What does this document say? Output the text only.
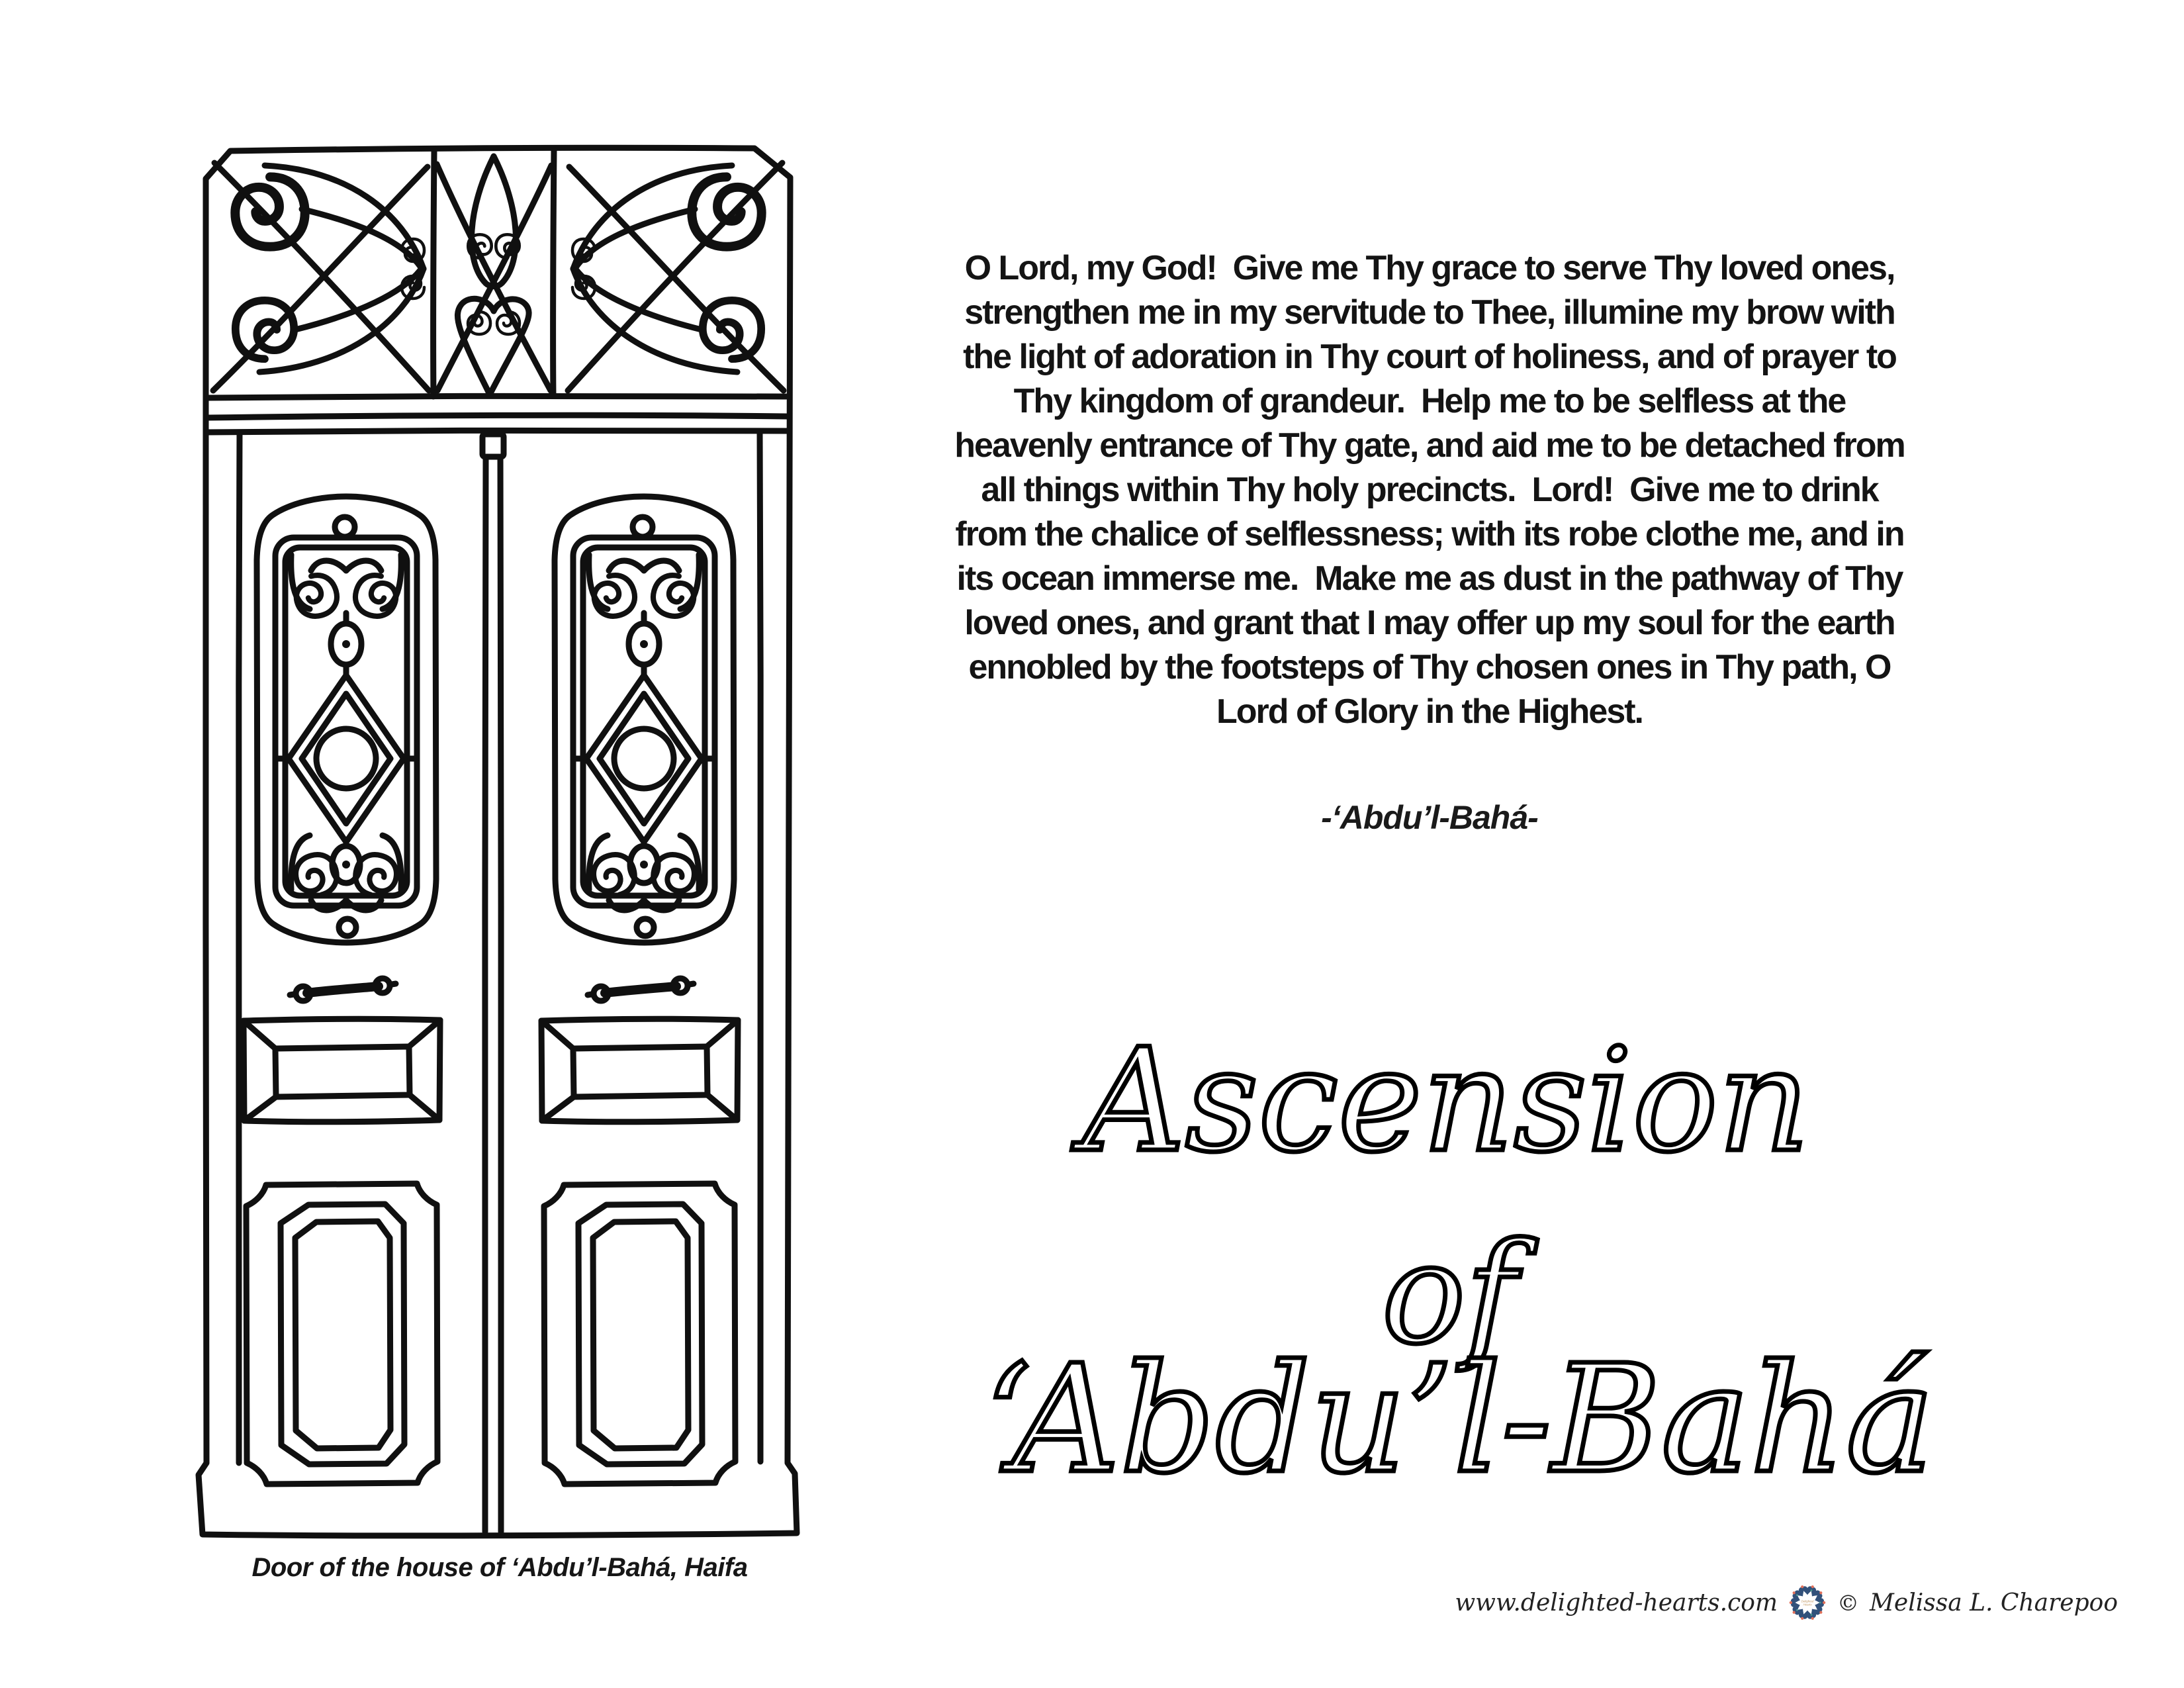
Door of the house of ‘Abdu’l-Bahá, Haifa
O Lord, my God!  Give me Thy grace to serve Thy loved ones,
strengthen me in my servitude to Thee, illumine my brow with
the light of adoration in Thy court of holiness, and of prayer to
Thy kingdom of grandeur.  Help me to be selfless at the
heavenly entrance of Thy gate, and aid me to be detached from
all things within Thy holy precincts.  Lord!  Give me to drink
from the chalice of selflessness; with its robe clothe me, and in
its ocean immerse me.  Make me as dust in the pathway of Thy
loved ones, and grant that I may offer up my soul for the earth
ennobled by the footsteps of Thy chosen ones in Thy path, O
Lord of Glory in the Highest.
-‘Abdu’l-Bahá-
Ascension
of
‘Abdu’l-Bahá
www.delighted-hearts.com	Delighted
Hearts © Melissa L. Charepoo
